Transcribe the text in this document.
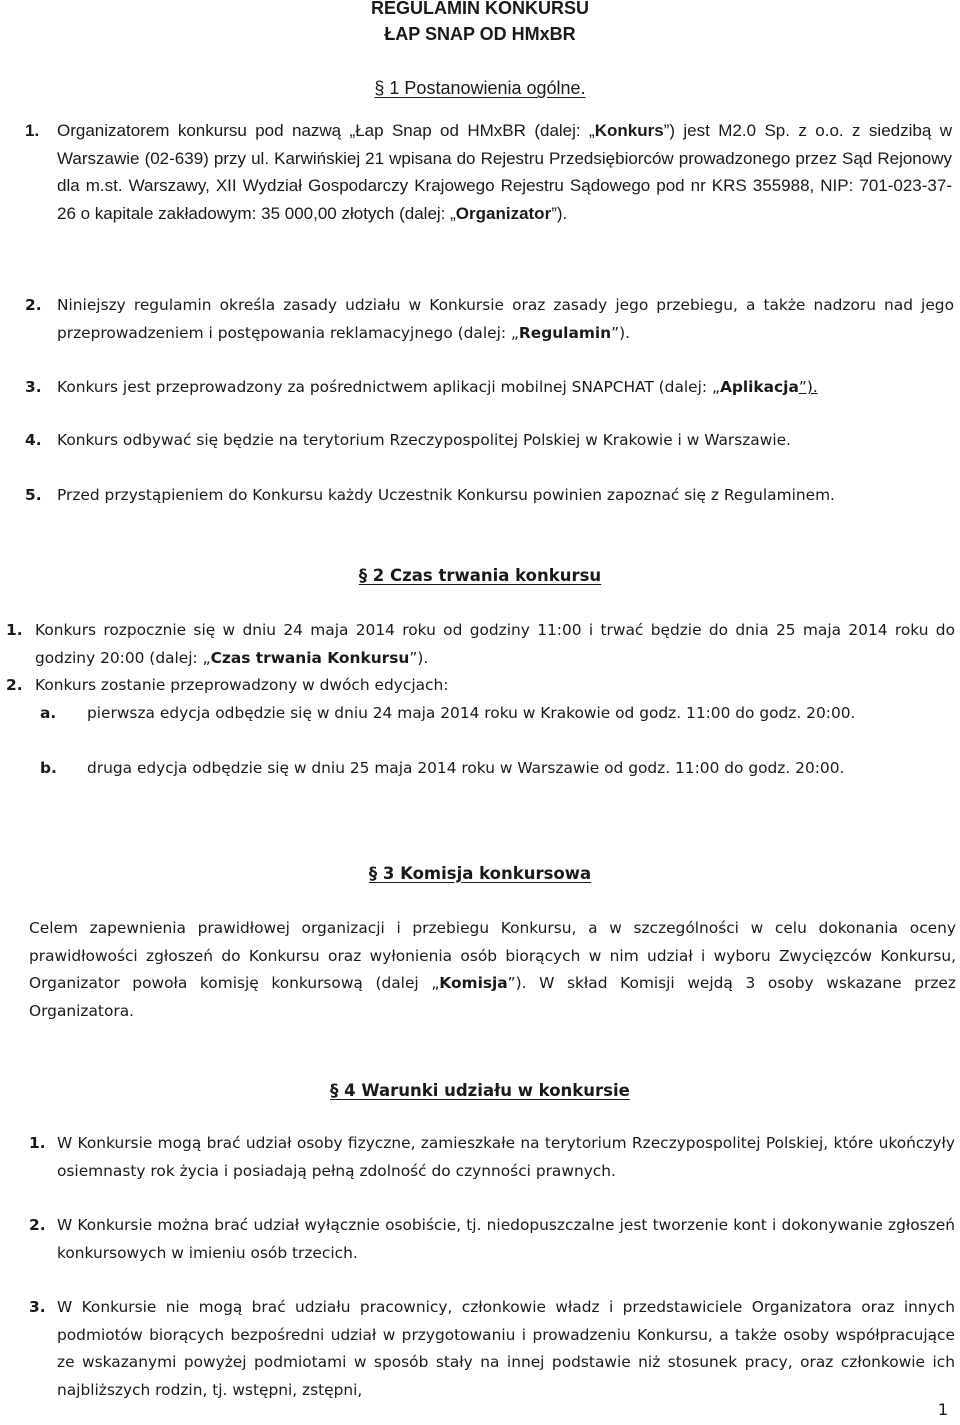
REGULAMIN KONKURSU
ŁAP SNAP OD HMxBR
§ 1 Postanowienia ogólne.
1.	Organizatorem konkursu pod nazwą „Łap Snap od HMxBR (dalej: „Konkurs”) jest M2.0 Sp. z o.o. z siedzibą w Warszawie (02-639) przy ul. Karwińskiej 21 wpisana do Rejestru Przedsiębiorców prowadzonego przez Sąd Rejonowy dla m.st. Warszawy, XII Wydział Gospodarczy Krajowego Rejestru Sądowego pod nr KRS 355988, NIP: 701-023-37-26 o kapitale zakładowym: 35 000,00 złotych (dalej: „Organizator”).

2.	Niniejszy regulamin określa zasady udziału w Konkursie oraz zasady jego przebiegu, a także nadzoru nad jego przeprowadzeniem i postępowania reklamacyjnego (dalej: „Regulamin”).

3.	Konkurs jest przeprowadzony za pośrednictwem aplikacji mobilnej SNAPCHAT (dalej: „Aplikacja”).

4.	Konkurs odbywać się będzie na terytorium Rzeczypospolitej Polskiej w Krakowie i w Warszawie.

5.	Przed przystąpieniem do Konkursu każdy Uczestnik Konkursu powinien zapoznać się z Regulaminem.

§ 2 Czas trwania konkursu
1. Konkurs rozpocznie się w dniu 24 maja 2014 roku od godziny 11:00 i trwać będzie do dnia 25 maja 2014 roku do godziny 20:00 (dalej: „Czas trwania Konkursu”).

2. Konkurs zostanie przeprowadzony w dwóch edycjach:

a.	pierwsza edycja odbędzie się w dniu 24 maja 2014 roku w Krakowie od godz. 11:00 do godz. 20:00.

b.	druga edycja odbędzie się w dniu 25 maja 2014 roku w Warszawie od godz. 11:00 do godz. 20:00.

§ 3 Komisja konkursowa

Celem zapewnienia prawidłowej organizacji i przebiegu Konkursu, a w szczególności w celu dokonania oceny prawidłowości zgłoszeń do Konkursu oraz wyłonienia osób biorących w nim udział i wyboru Zwycięzców Konkursu, Organizator powoła komisję konkursową (dalej „Komisja”). W skład Komisji wejdą 3 osoby wskazane przez Organizatora.

§ 4 Warunki udziału w konkursie
1. W Konkursie mogą brać udział osoby fizyczne, zamieszkałe na terytorium Rzeczypospolitej Polskiej, które ukończyły osiemnasty rok życia i posiadają pełną zdolność do czynności prawnych.

2. W Konkursie można brać udział wyłącznie osobiście, tj. niedopuszczalne jest tworzenie kont i dokonywanie zgłoszeń konkursowych w imieniu osób trzecich.

3. W Konkursie nie mogą brać udziału pracownicy, członkowie władz i przedstawiciele Organizatora oraz innych podmiotów biorących bezpośredni udział w przygotowaniu i prowadzeniu Konkursu, a także osoby współpracujące ze wskazanymi powyżej podmiotami w sposób stały na innej podstawie niż stosunek pracy, oraz członkowie ich najbliższych rodzin, tj. wstępni, zstępni,

1
